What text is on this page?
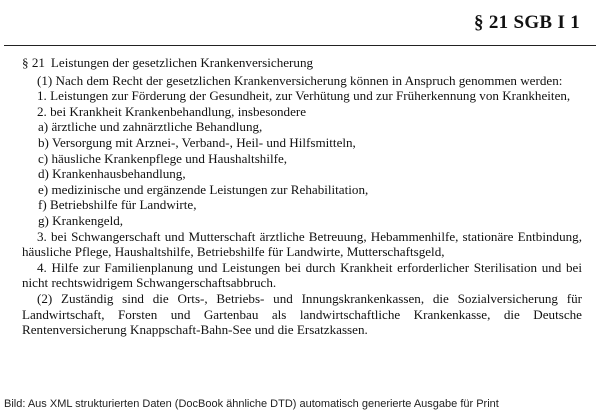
§ 21 SGB I 1

§ 21 Leistungen der gesetzlichen Krankenversicherung

(1) Nach dem Recht der gesetzlichen Krankenversicherung können in Anspruch genommen werden:

1. Leistungen zur Förderung der Gesundheit, zur Verhütung und zur Früherkennung von Krankheiten,

2. bei Krankheit Krankenbehandlung, insbesondere

a) ärztliche und zahnärztliche Behandlung,

b) Versorgung mit Arznei-, Verband-, Heil- und Hilfsmitteln,

c) häusliche Krankenpflege und Haushaltshilfe,

d) Krankenhausbehandlung,

e) medizinische und ergänzende Leistungen zur Rehabilitation,

f) Betriebshilfe für Landwirte,

g) Krankengeld,

3. bei Schwangerschaft und Mutterschaft ärztliche Betreuung, Hebammenhilfe, stationäre Entbindung, häusliche Pflege, Haushaltshilfe, Betriebshilfe für Landwirte, Mutterschaftsgeld,

4. Hilfe zur Familienplanung und Leistungen bei durch Krankheit erforderlicher Sterilisation und bei nicht rechtswidrigem Schwangerschaftsabbruch.

(2) Zuständig sind die Orts-, Betriebs- und Innungskrankenkassen, die Sozialversicherung für Landwirtschaft, Forsten und Gartenbau als landwirtschaftliche Krankenkasse, die Deutsche Rentenversicherung Knappschaft-Bahn-See und die Ersatzkassen.

Bild: Aus XML strukturierten Daten (DocBook ähnliche DTD) automatisch generierte Ausgabe für Print
